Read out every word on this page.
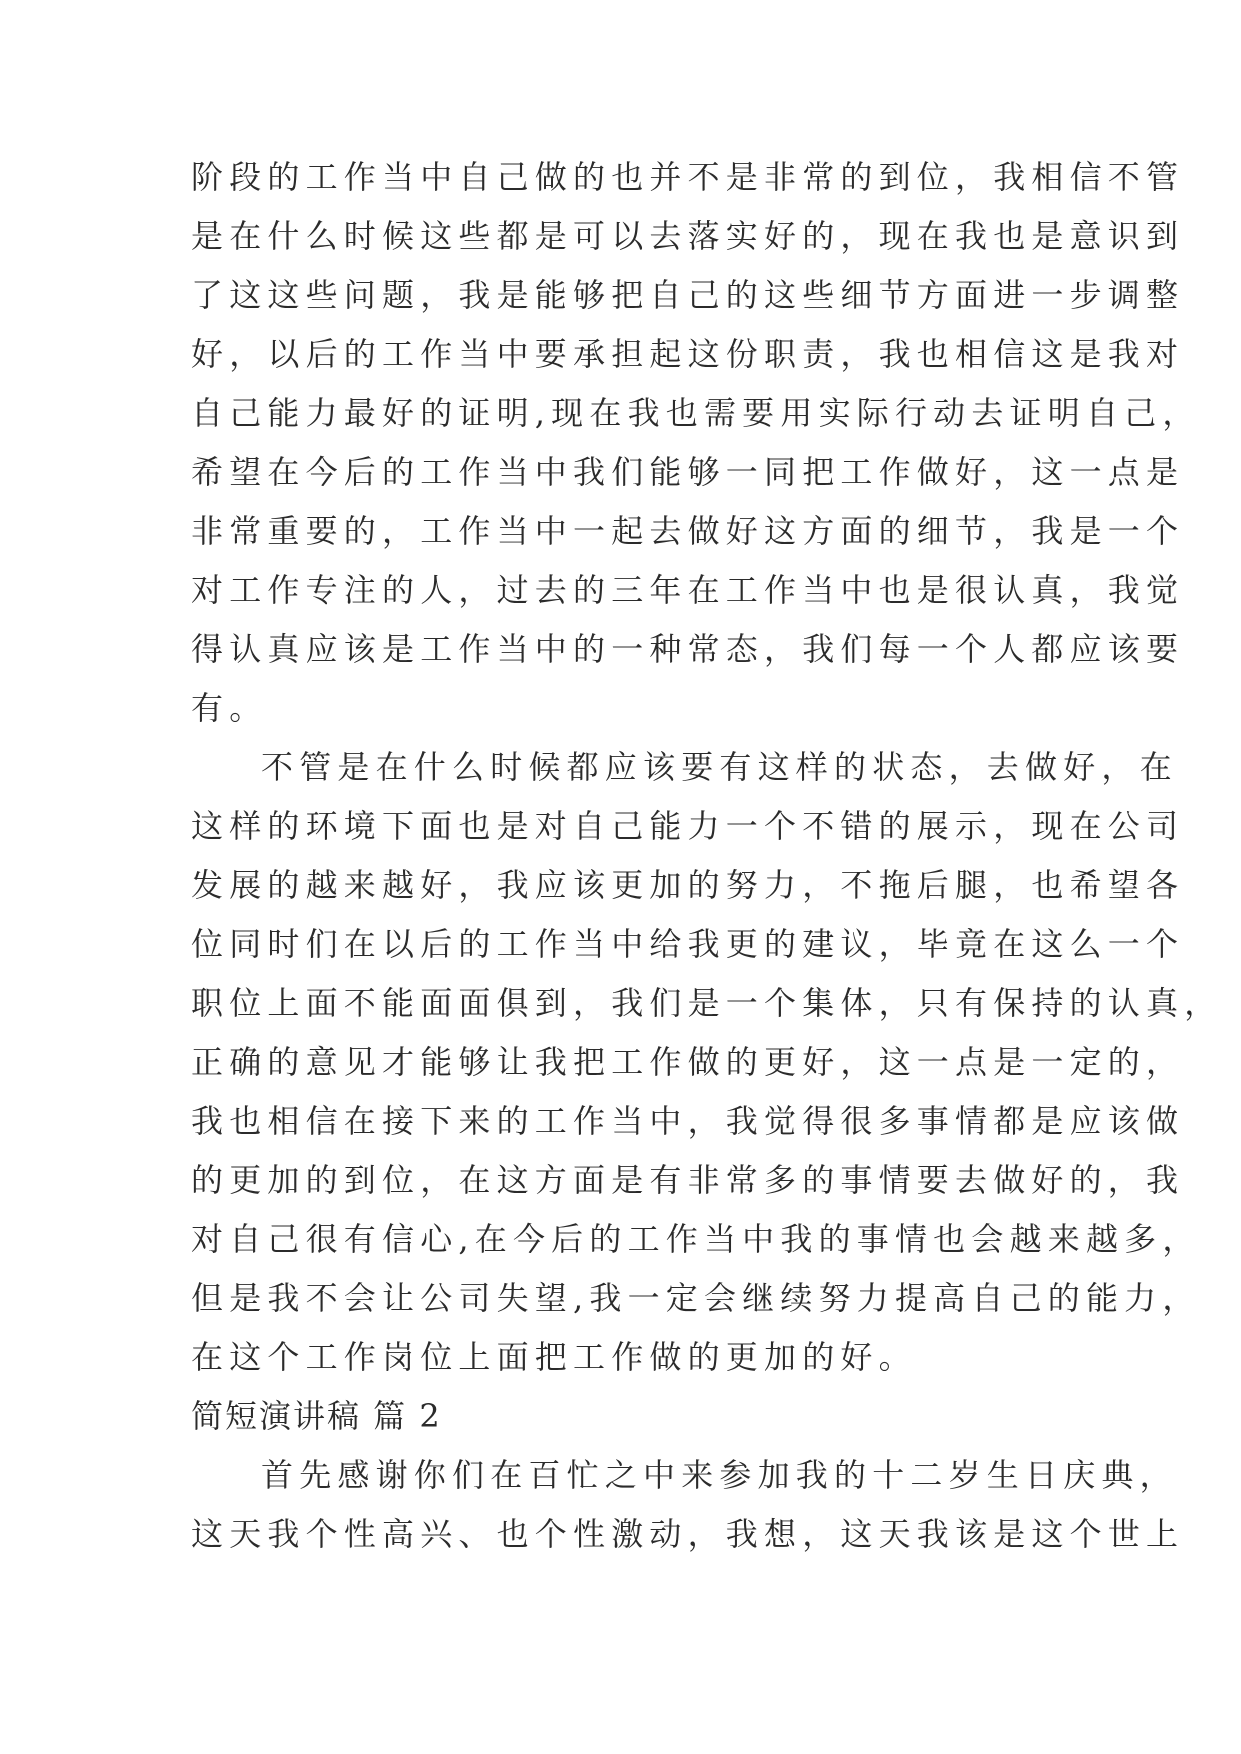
阶段的工作当中自己做的也并不是非常的到位，我相信不管
是在什么时候这些都是可以去落实好的，现在我也是意识到
了这这些问题，我是能够把自己的这些细节方面进一步调整
好，以后的工作当中要承担起这份职责，我也相信这是我对
自己能力最好的证明,现在我也需要用实际行动去证明自己，
希望在今后的工作当中我们能够一同把工作做好，这一点是
非常重要的，工作当中一起去做好这方面的细节，我是一个
对工作专注的人，过去的三年在工作当中也是很认真，我觉
得认真应该是工作当中的一种常态，我们每一个人都应该要
有。
不管是在什么时候都应该要有这样的状态，去做好，在
这样的环境下面也是对自己能力一个不错的展示，现在公司
发展的越来越好，我应该更加的努力，不拖后腿，也希望各
位同时们在以后的工作当中给我更的建议，毕竟在这么一个
职位上面不能面面俱到，我们是一个集体，只有保持的认真，
正确的意见才能够让我把工作做的更好，这一点是一定的，
我也相信在接下来的工作当中，我觉得很多事情都是应该做
的更加的到位，在这方面是有非常多的事情要去做好的，我
对自己很有信心,在今后的工作当中我的事情也会越来越多，
但是我不会让公司失望,我一定会继续努力提高自己的能力，
在这个工作岗位上面把工作做的更加的好。
简短演讲稿 篇 2
首先感谢你们在百忙之中来参加我的十二岁生日庆典，
这天我个性高兴、也个性激动，我想，这天我该是这个世上
